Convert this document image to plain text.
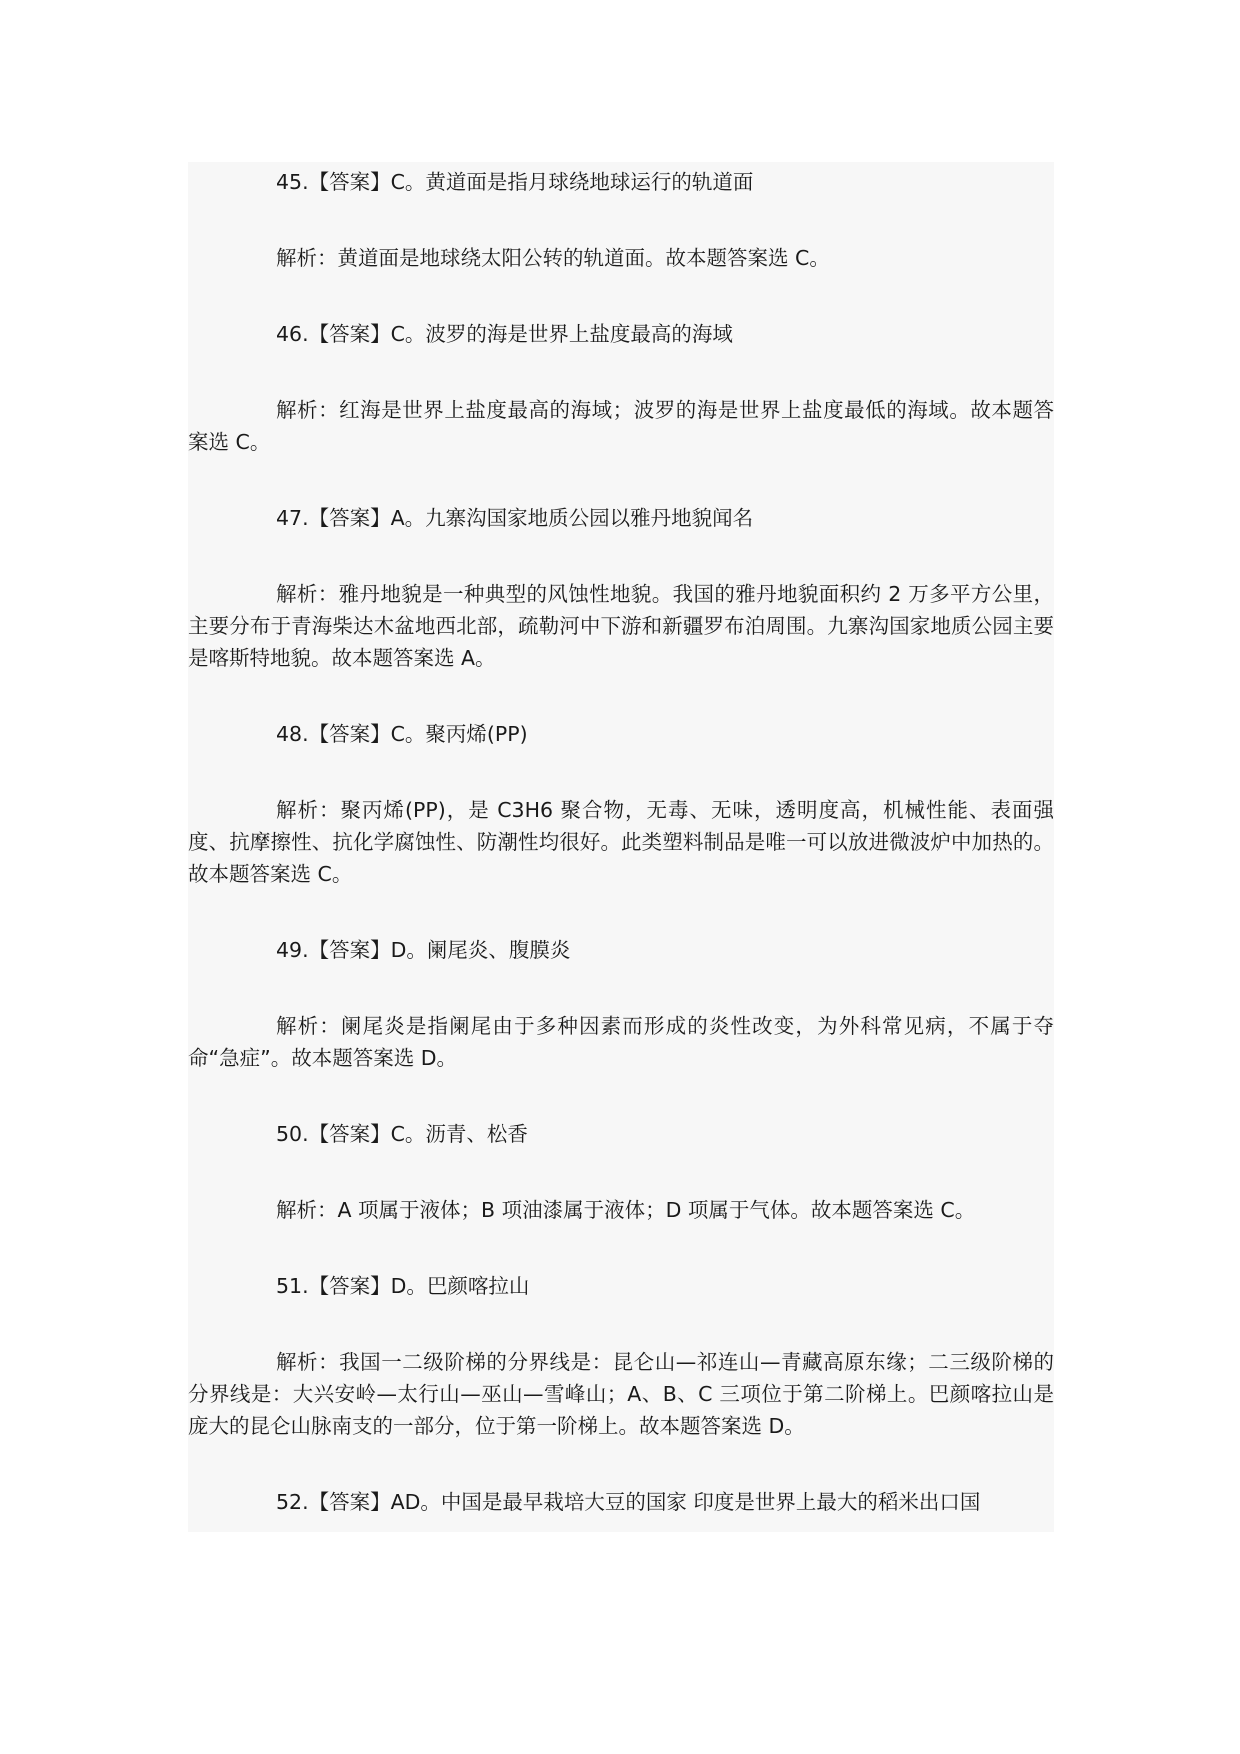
45.【答案】C。黄道面是指月球绕地球运行的轨道面

解析：黄道面是地球绕太阳公转的轨道面。故本题答案选 C。

46.【答案】C。波罗的海是世界上盐度最高的海域

解析：红海是世界上盐度最高的海域；波罗的海是世界上盐度最低的海域。故本题答案选 C。

47.【答案】A。九寨沟国家地质公园以雅丹地貌闻名

解析：雅丹地貌是一种典型的风蚀性地貌。我国的雅丹地貌面积约 2 万多平方公里，主要分布于青海柴达木盆地西北部，疏勒河中下游和新疆罗布泊周围。九寨沟国家地质公园主要是喀斯特地貌。故本题答案选 A。

48.【答案】C。聚丙烯(PP)

解析：聚丙烯(PP)，是 C3H6 聚合物，无毒、无味，透明度高，机械性能、表面强度、抗摩擦性、抗化学腐蚀性、防潮性均很好。此类塑料制品是唯一可以放进微波炉中加热的。故本题答案选 C。

49.【答案】D。阑尾炎、腹膜炎

解析：阑尾炎是指阑尾由于多种因素而形成的炎性改变，为外科常见病，不属于夺命“急症”。故本题答案选 D。

50.【答案】C。沥青、松香

解析：A 项属于液体；B 项油漆属于液体；D 项属于气体。故本题答案选 C。

51.【答案】D。巴颜喀拉山

解析：我国一二级阶梯的分界线是：昆仑山—祁连山—青藏高原东缘；二三级阶梯的分界线是：大兴安岭—太行山—巫山—雪峰山；A、B、C 三项位于第二阶梯上。巴颜喀拉山是庞大的昆仑山脉南支的一部分，位于第一阶梯上。故本题答案选 D。

52.【答案】AD。中国是最早栽培大豆的国家 印度是世界上最大的稻米出口国
